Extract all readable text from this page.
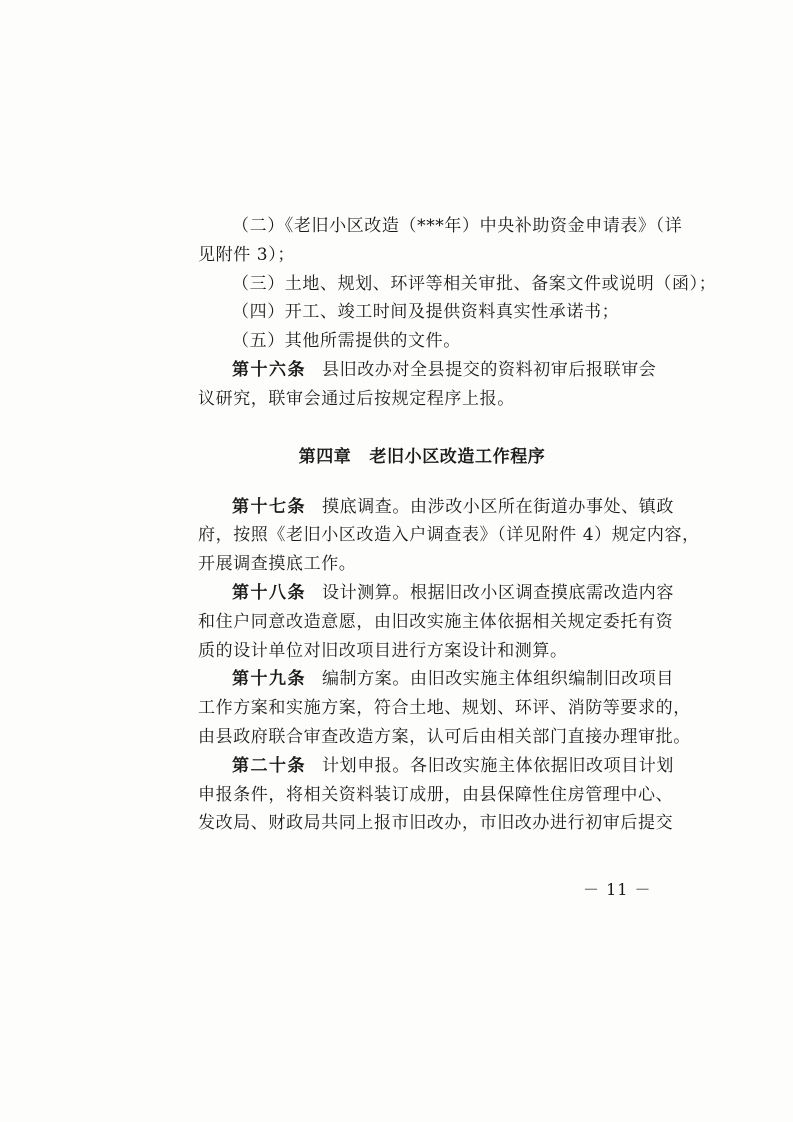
（二）《老旧小区改造（***年）中央补助资金申请表》（详
见附件 3）；
（三）土地、规划、环评等相关审批、备案文件或说明（函）；
（四）开工、竣工时间及提供资料真实性承诺书；
（五）其他所需提供的文件。
第十六条 县旧改办对全县提交的资料初审后报联审会
议研究，联审会通过后按规定程序上报。
第四章 老旧小区改造工作程序
第十七条 摸底调查。由涉改小区所在街道办事处、镇政
府，按照《老旧小区改造入户调查表》（详见附件 4）规定内容，
开展调查摸底工作。
第十八条 设计测算。根据旧改小区调查摸底需改造内容
和住户同意改造意愿，由旧改实施主体依据相关规定委托有资
质的设计单位对旧改项目进行方案设计和测算。
第十九条 编制方案。由旧改实施主体组织编制旧改项目
工作方案和实施方案，符合土地、规划、环评、消防等要求的，
由县政府联合审查改造方案，认可后由相关部门直接办理审批。
第二十条 计划申报。各旧改实施主体依据旧改项目计划
申报条件，将相关资料装订成册，由县保障性住房管理中心、
发改局、财政局共同上报市旧改办，市旧改办进行初审后提交
－ 11 －
